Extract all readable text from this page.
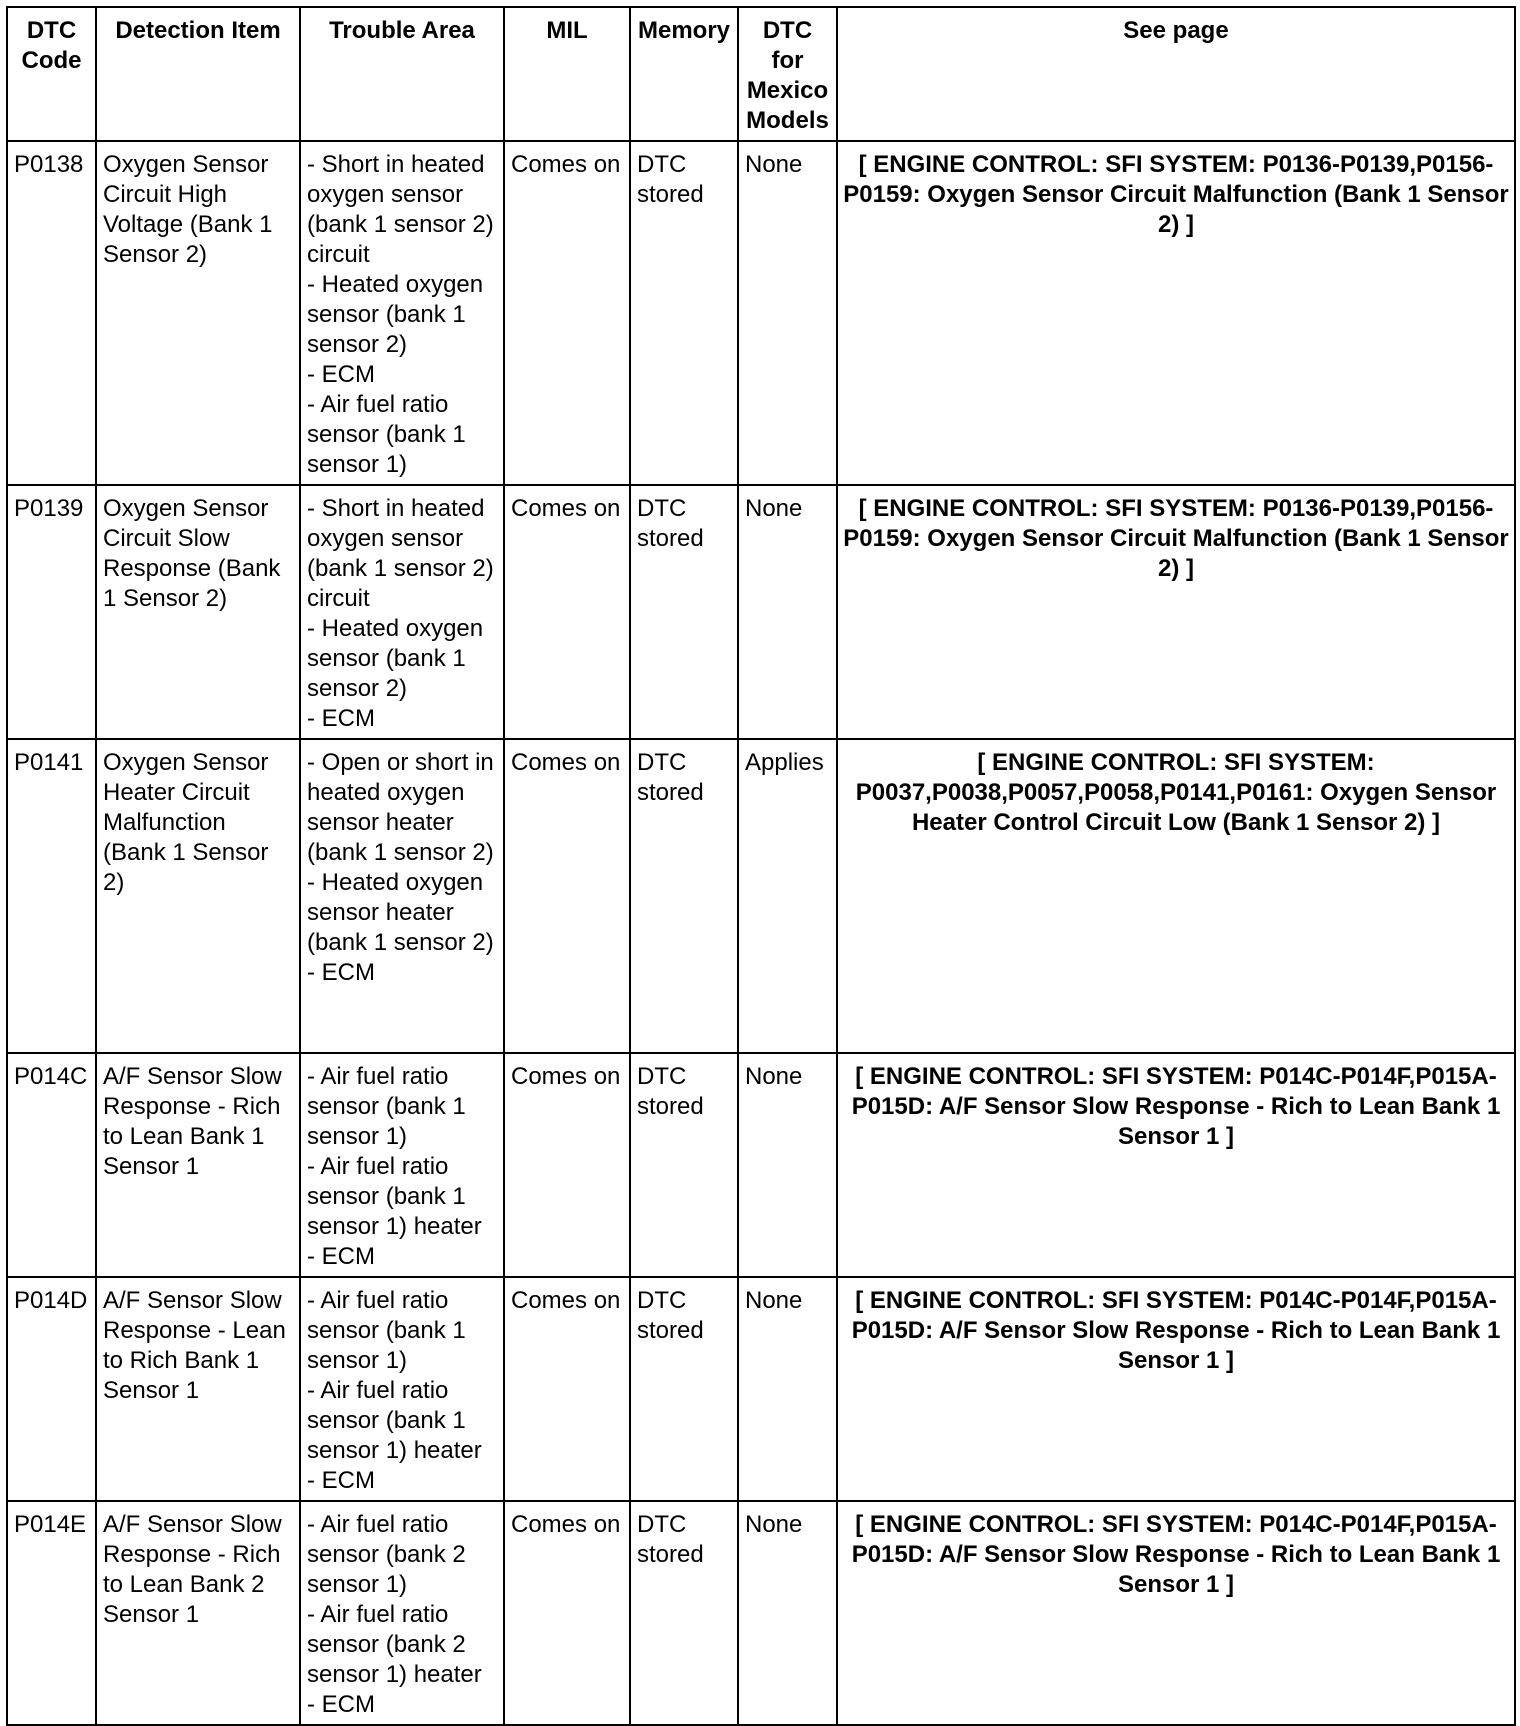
DTC Code	Detection Item	Trouble Area	MIL	Memory	DTC for Mexico Models	See page
P0138	Oxygen Sensor Circuit High Voltage (Bank 1 Sensor 2)	- Short in heated oxygen sensor (bank 1 sensor 2) circuit
- Heated oxygen sensor (bank 1 sensor 2)
- ECM
- Air fuel ratio sensor (bank 1 sensor 1)	Comes on	DTC stored	None	[ ENGINE CONTROL: SFI SYSTEM: P0136-P0139,P0156-P0159: Oxygen Sensor Circuit Malfunction (Bank 1 Sensor 2) ]
P0139	Oxygen Sensor Circuit Slow Response (Bank 1 Sensor 2)	- Short in heated oxygen sensor (bank 1 sensor 2) circuit
- Heated oxygen sensor (bank 1 sensor 2)
- ECM	Comes on	DTC stored	None	[ ENGINE CONTROL: SFI SYSTEM: P0136-P0139,P0156-P0159: Oxygen Sensor Circuit Malfunction (Bank 1 Sensor 2) ]
P0141	Oxygen Sensor Heater Circuit Malfunction (Bank 1 Sensor 2)	- Open or short in heated oxygen sensor heater (bank 1 sensor 2)
- Heated oxygen sensor heater (bank 1 sensor 2)
- ECM	Comes on	DTC stored	Applies	[ ENGINE CONTROL: SFI SYSTEM: P0037,P0038,P0057,P0058,P0141,P0161: Oxygen Sensor Heater Control Circuit Low (Bank 1 Sensor 2) ]
P014C	A/F Sensor Slow Response - Rich to Lean Bank 1 Sensor 1	- Air fuel ratio sensor (bank 1 sensor 1)
- Air fuel ratio sensor (bank 1 sensor 1) heater
- ECM	Comes on	DTC stored	None	[ ENGINE CONTROL: SFI SYSTEM: P014C-P014F,P015A-P015D: A/F Sensor Slow Response - Rich to Lean Bank 1 Sensor 1 ]
P014D	A/F Sensor Slow Response - Lean to Rich Bank 1 Sensor 1	- Air fuel ratio sensor (bank 1 sensor 1)
- Air fuel ratio sensor (bank 1 sensor 1) heater
- ECM	Comes on	DTC stored	None	[ ENGINE CONTROL: SFI SYSTEM: P014C-P014F,P015A-P015D: A/F Sensor Slow Response - Rich to Lean Bank 1 Sensor 1 ]
P014E	A/F Sensor Slow Response - Rich to Lean Bank 2 Sensor 1	- Air fuel ratio sensor (bank 2 sensor 1)
- Air fuel ratio sensor (bank 2 sensor 1) heater
- ECM	Comes on	DTC stored	None	[ ENGINE CONTROL: SFI SYSTEM: P014C-P014F,P015A-P015D: A/F Sensor Slow Response - Rich to Lean Bank 1 Sensor 1 ]
